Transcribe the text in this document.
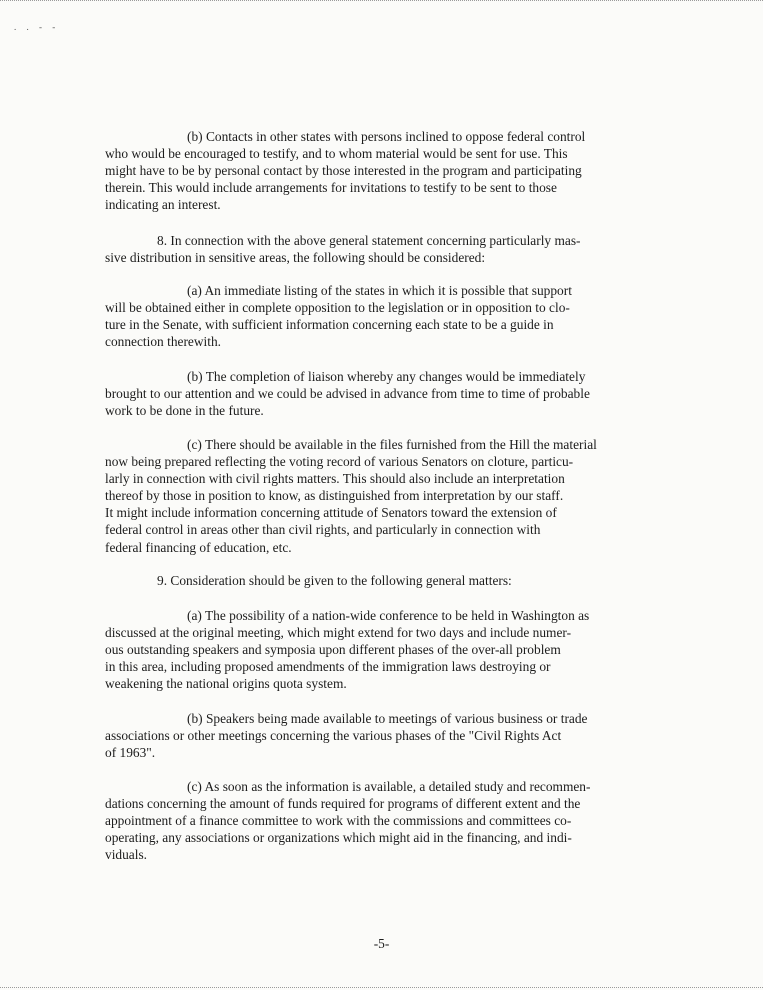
. . - -
(b) Contacts in other states with persons inclined to oppose federal control
who would be encouraged to testify, and to whom material would be sent for use. This
might have to be by personal contact by those interested in the program and participating
therein. This would include arrangements for invitations to testify to be sent to those
indicating an interest.
8. In connection with the above general statement concerning particularly mas-
sive distribution in sensitive areas, the following should be considered:
(a) An immediate listing of the states in which it is possible that support
will be obtained either in complete opposition to the legislation or in opposition to clo-
ture in the Senate, with sufficient information concerning each state to be a guide in
connection therewith.
(b) The completion of liaison whereby any changes would be immediately
brought to our attention and we could be advised in advance from time to time of probable
work to be done in the future.
(c) There should be available in the files furnished from the Hill the material
now being prepared reflecting the voting record of various Senators on cloture, particu-
larly in connection with civil rights matters. This should also include an interpretation
thereof by those in position to know, as distinguished from interpretation by our staff.
It might include information concerning attitude of Senators toward the extension of
federal control in areas other than civil rights, and particularly in connection with
federal financing of education, etc.
9. Consideration should be given to the following general matters:
(a) The possibility of a nation-wide conference to be held in Washington as
discussed at the original meeting, which might extend for two days and include numer-
ous outstanding speakers and symposia upon different phases of the over-all problem
in this area, including proposed amendments of the immigration laws destroying or
weakening the national origins quota system.
(b) Speakers being made available to meetings of various business or trade
associations or other meetings concerning the various phases of the "Civil Rights Act
of 1963".
(c) As soon as the information is available, a detailed study and recommen-
dations concerning the amount of funds required for programs of different extent and the
appointment of a finance committee to work with the commissions and committees co-
operating, any associations or organizations which might aid in the financing, and indi-
viduals.
-5-
